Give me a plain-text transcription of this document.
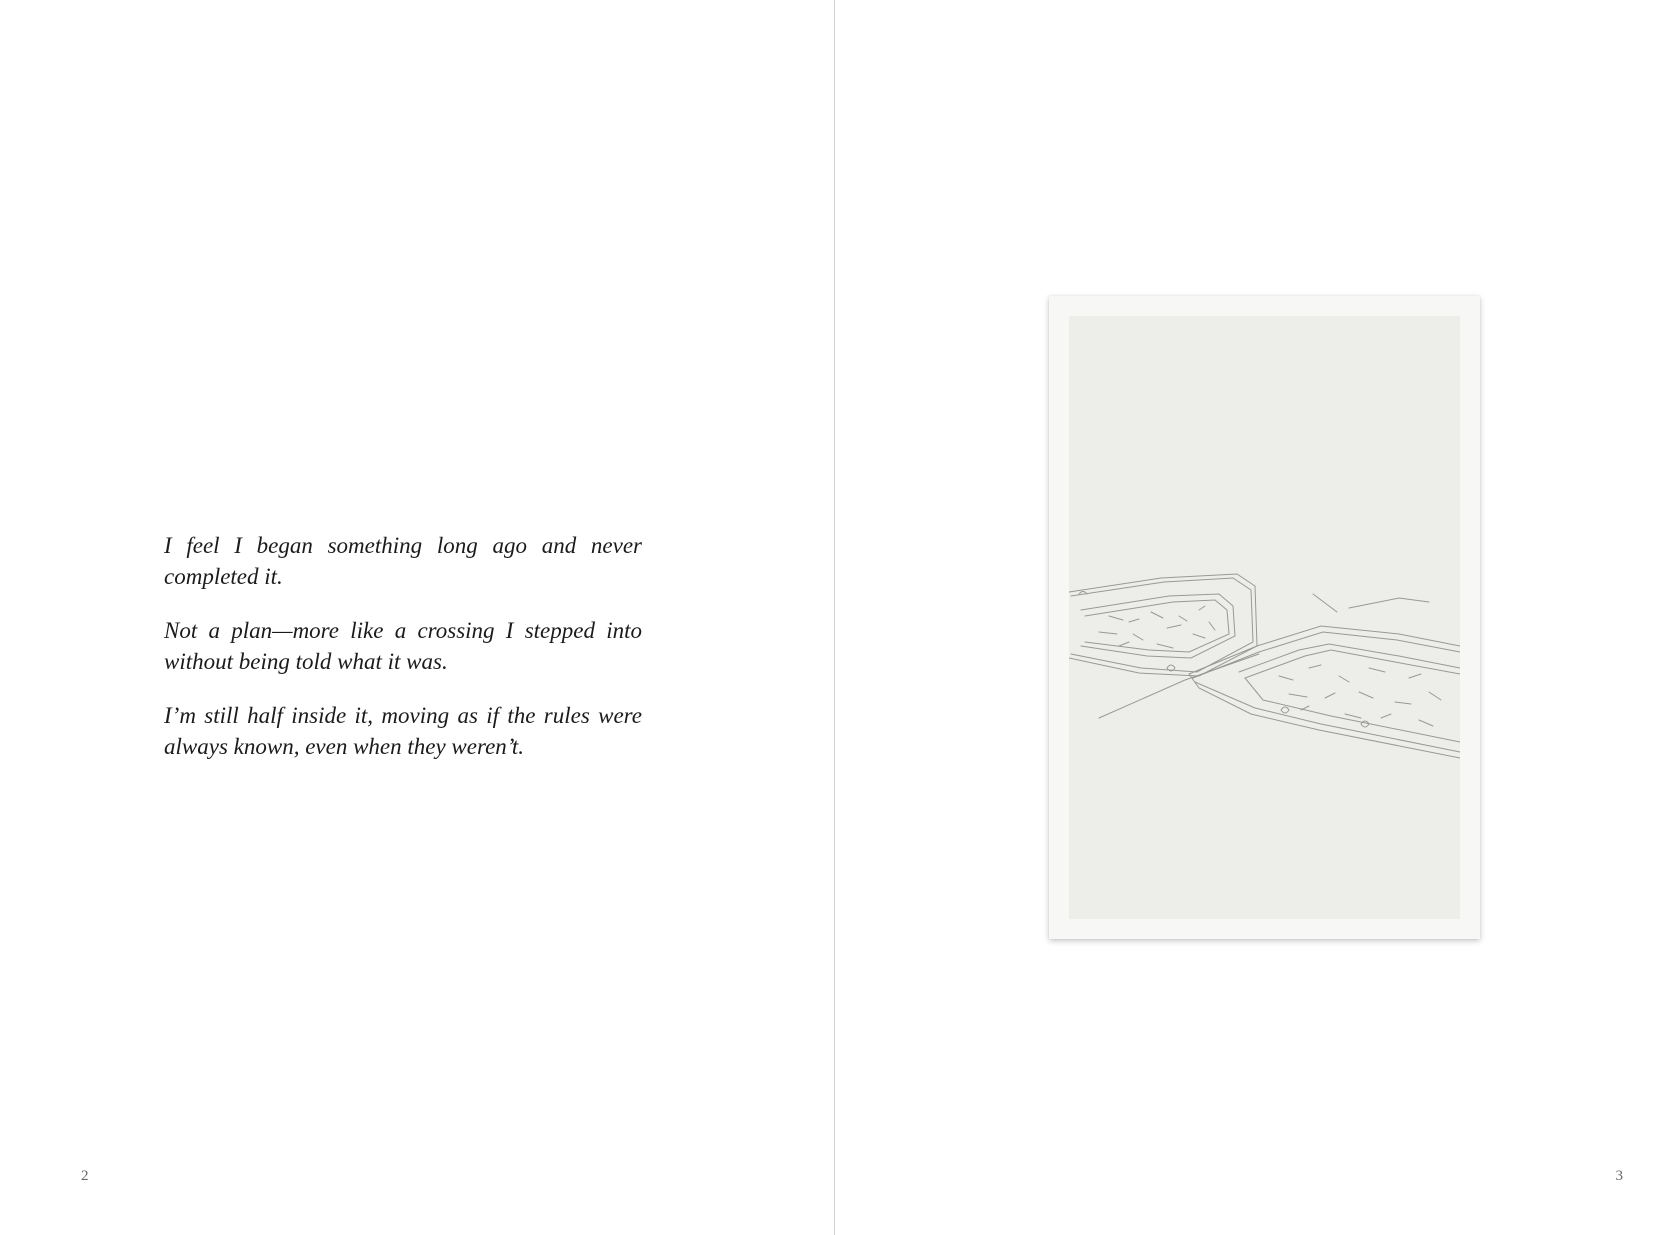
I feel I began something long ago and never completed it.

Not a plan—more like a crossing I stepped into without being told what it was.

I’m still half inside it, moving as if the rules were always known, even when they weren’t.

2	3
